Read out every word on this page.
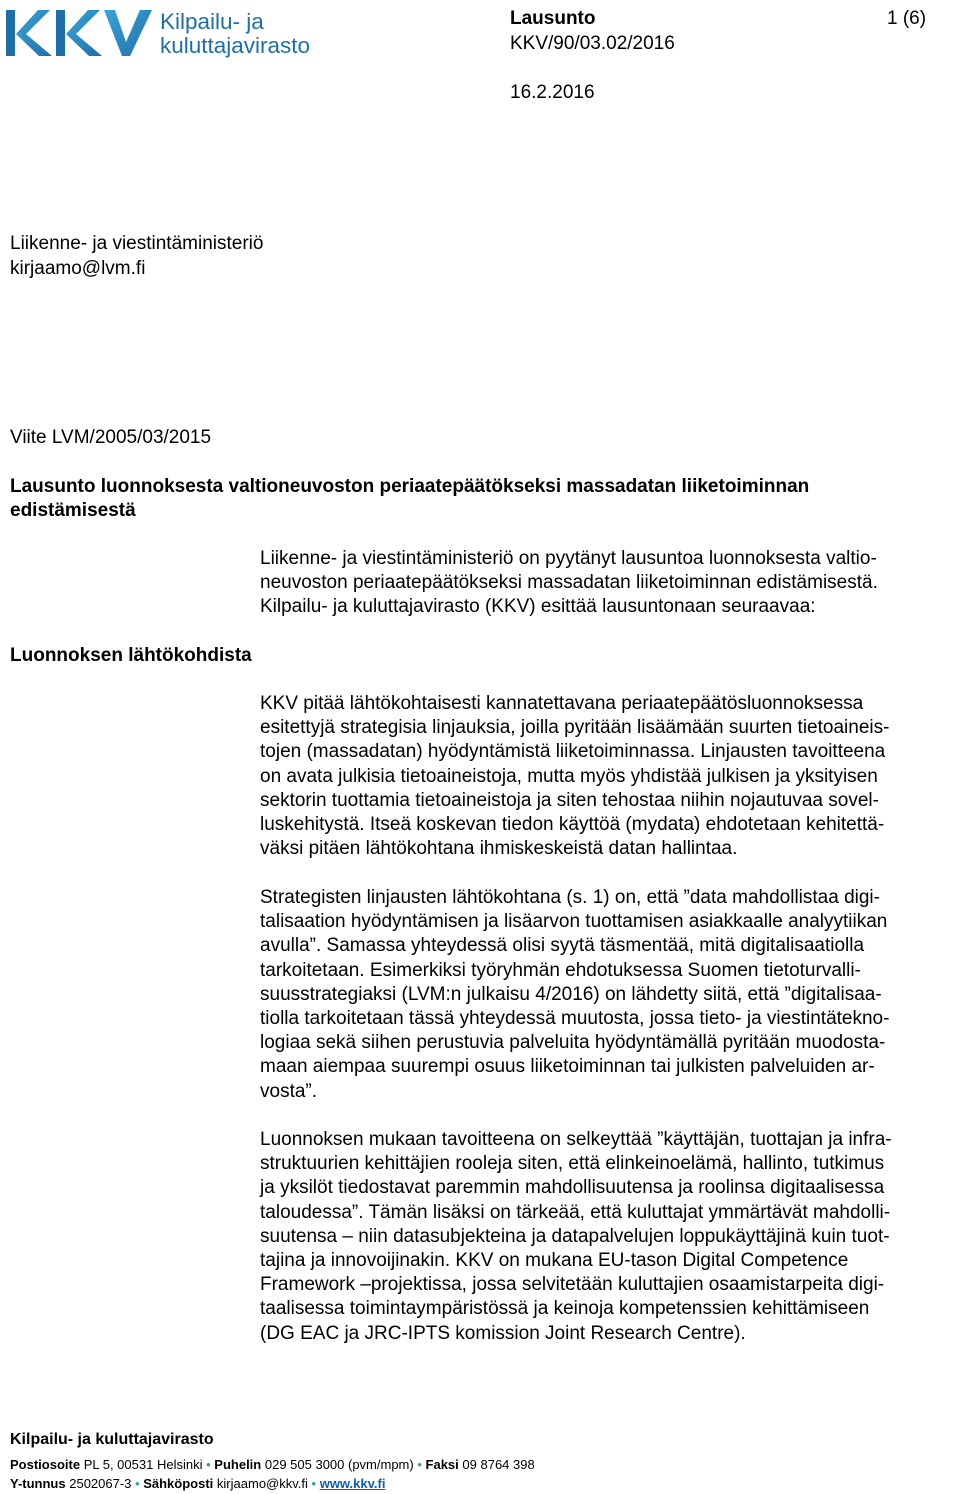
Kilpailu- ja
kuluttajavirasto
Lausunto
KKV/90/03.02/2016
1 (6)
16.2.2016
Liikenne- ja viestintäministeriö
kirjaamo@lvm.fi
Viite LVM/2005/03/2015
Lausunto luonnoksesta valtioneuvoston periaatepäätökseksi massadatan liiketoiminnan
edistämisestä
Luonnoksen lähtökohdista
Liikenne- ja viestintäministeriö on pyytänyt lausuntoa luonnoksesta valtio-
neuvoston periaatepäätökseksi massadatan liiketoiminnan edistämisestä.
Kilpailu- ja kuluttajavirasto (KKV) esittää lausuntonaan seuraavaa:
KKV pitää lähtökohtaisesti kannatettavana periaatepäätösluonnoksessa
esitettyjä strategisia linjauksia, joilla pyritään lisäämään suurten tietoaineis-
tojen (massadatan) hyödyntämistä liiketoiminnassa. Linjausten tavoitteena
on avata julkisia tietoaineistoja, mutta myös yhdistää julkisen ja yksityisen
sektorin tuottamia tietoaineistoja ja siten tehostaa niihin nojautuvaa sovel-
luskehitystä. Itseä koskevan tiedon käyttöä (mydata) ehdotetaan kehitettä-
väksi pitäen lähtökohtana ihmiskeskeistä datan hallintaa.
Strategisten linjausten lähtökohtana (s. 1) on, että ”data mahdollistaa digi-
talisaation hyödyntämisen ja lisäarvon tuottamisen asiakkaalle analyytiikan
avulla”. Samassa yhteydessä olisi syytä täsmentää, mitä digitalisaatiolla
tarkoitetaan. Esimerkiksi työryhmän ehdotuksessa Suomen tietoturvalli-
suusstrategiaksi (LVM:n julkaisu 4/2016) on lähdetty siitä, että ”digitalisaa-
tiolla tarkoitetaan tässä yhteydessä muutosta, jossa tieto- ja viestintäteknо-
logiaa sekä siihen perustuvia palveluita hyödyntämällä pyritään muodosta-
maan aiempaa suurempi osuus liiketoiminnan tai julkisten palveluiden ar-
vosta”.
Luonnoksen mukaan tavoitteena on selkeyttää ”käyttäjän, tuottajan ja infra-
struktuurien kehittäjien rooleja siten, että elinkeinoelämä, hallinto, tutkimus
ja yksilöt tiedostavat paremmin mahdollisuutensa ja roolinsa digitaalisessa
taloudessa”. Tämän lisäksi on tärkeää, että kuluttajat ymmärtävät mahdolli-
suutensa – niin datasubjekteina ja datapalvelujen loppukäyttäjinä kuin tuot-
tajina ja innovoijinakin. KKV on mukana EU-tason Digital Competence
Framework –projektissa, jossa selvitetään kuluttajien osaamistarpeita digi-
taalisessa toimintaympäristössä ja keinoja kompetenssien kehittämiseen
(DG EAC ja JRC-IPTS komission Joint Research Centre).
Kilpailu- ja kuluttajavirasto
Postiosoite PL 5, 00531 Helsinki • Puhelin 029 505 3000 (pvm/mpm) • Faksi 09 8764 398
Y-tunnus 2502067-3 • Sähköposti kirjaamo@kkv.fi • www.kkv.fi
